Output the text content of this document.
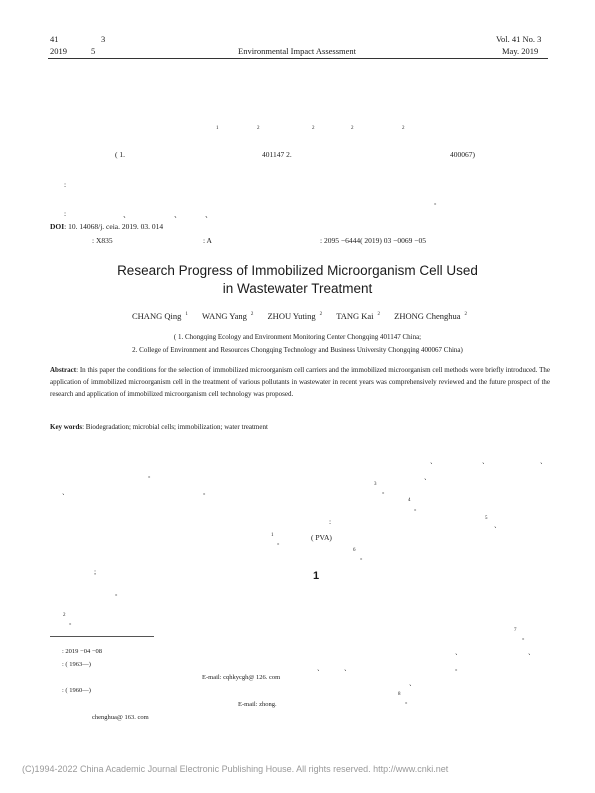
41	3
2019	5	Environmental Impact Assessment
Vol. 41 No. 3
May. 2019
1	2	2	2	2
( 1.	401147 2.	400067)
:
。
:	、	、	、
DOI: 10. 14068/j. ceia. 2019. 03. 014
: X835	: A	: 2095 −6444( 2019) 03 −0069 −05
Research Progress of Immobilized Microorganism Cell Used
in Wastewater Treatment
CHANG Qing $^1$ WANG Yang $^2$ ZHOU Yuting $^2$ TANG Kai $^2$ ZHONG Chenghua $^2$
( 1. Chongqing Ecology and Environment Monitoring Center Chongqing 401147 China;
2. College of Environment and Resources Chongqing Technology and Business University Chongqing 400067 China)
Abstract: In this paper the conditions for the selection of immobilized microorganism cell carriers and the immobilized microorganism cell methods were briefly introduced. The application of immobilized microorganism cell in the treatment of various pollutants in wastewater in recent years was comprehensively reviewed and the future prospect of the research and application of immobilized microorganism cell technology was proposed.
Key words: Biodegradation; microbial cells; immobilization; water treatment
。
、	。
1
。
;
。
2
。
、	、	、
、
3
。
4
。
:	5
、
( PVA)
6
。
1
7
。
、	、
、	、	。
、
8
。
: 2019 −04 −08
: ( 1963—)
E-mail: cqhkycgh@ 126. com
: ( 1960—)
E-mail: zhong.
chenghua@ 163. com
(C)1994-2022 China Academic Journal Electronic Publishing House. All rights reserved. http://www.cnki.net
